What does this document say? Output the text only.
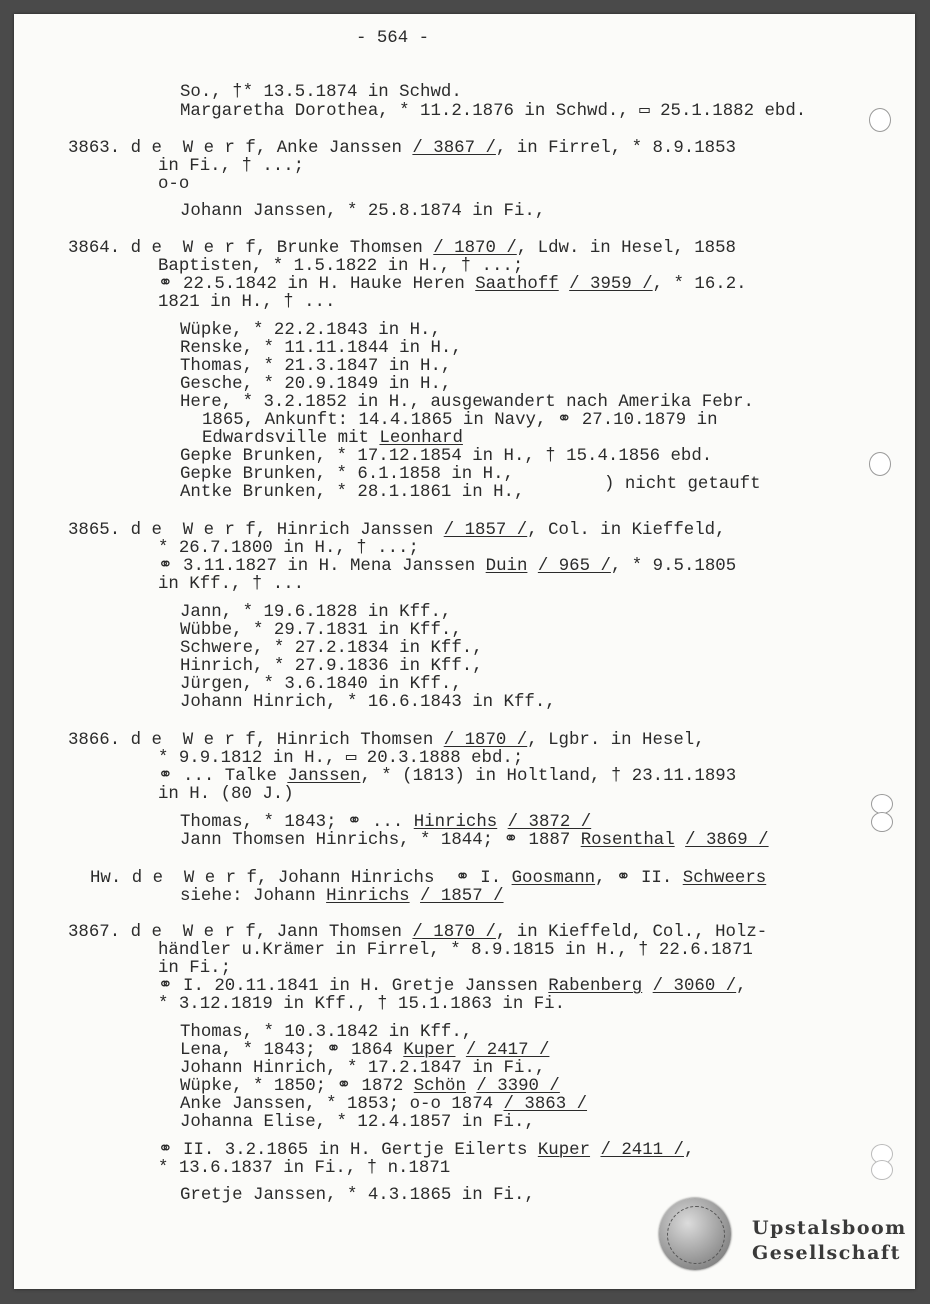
- 564 -
So., †* 13.5.1874 in Schwd.
Margaretha Dorothea, * 11.2.1876 in Schwd., ▭ 25.1.1882 ebd.
3863. d e  W e r f, Anke Janssen / 3867 /, in Firrel, * 8.9.1853
in Fi., † ...;
o-o
Johann Janssen, * 25.8.1874 in Fi.,
3864. d e  W e r f, Brunke Thomsen / 1870 /, Ldw. in Hesel, 1858
Baptisten, * 1.5.1822 in H., † ...;
⚭ 22.5.1842 in H. Hauke Heren Saathoff / 3959 /, * 16.2.
1821 in H., † ...
Wüpke, * 22.2.1843 in H.,
Renske, * 11.11.1844 in H.,
Thomas, * 21.3.1847 in H.,
Gesche, * 20.9.1849 in H.,
Here, * 3.2.1852 in H., ausgewandert nach Amerika Febr.
1865, Ankunft: 14.4.1865 in Navy, ⚭ 27.10.1879 in
Edwardsville mit Leonhard
Gepke Brunken, * 17.12.1854 in H., † 15.4.1856 ebd.
Gepke Brunken, * 6.1.1858 in H.,
) nicht getauft
Antke Brunken, * 28.1.1861 in H.,
3865. d e  W e r f, Hinrich Janssen / 1857 /, Col. in Kieffeld,
* 26.7.1800 in H., † ...;
⚭ 3.11.1827 in H. Mena Janssen Duin / 965 /, * 9.5.1805
in Kff., † ...
Jann, * 19.6.1828 in Kff.,
Wübbe, * 29.7.1831 in Kff.,
Schwere, * 27.2.1834 in Kff.,
Hinrich, * 27.9.1836 in Kff.,
Jürgen, * 3.6.1840 in Kff.,
Johann Hinrich, * 16.6.1843 in Kff.,
3866. d e  W e r f, Hinrich Thomsen / 1870 /, Lgbr. in Hesel,
* 9.9.1812 in H., ▭ 20.3.1888 ebd.;
⚭ ... Talke Janssen, * (1813) in Holtland, † 23.11.1893
in H. (80 J.)
Thomas, * 1843; ⚭ ... Hinrichs / 3872 /
Jann Thomsen Hinrichs, * 1844; ⚭ 1887 Rosenthal / 3869 /
Hw. d e  W e r f, Johann Hinrichs  ⚭ I. Goosmann, ⚭ II. Schweers
siehe: Johann Hinrichs / 1857 /
3867. d e  W e r f, Jann Thomsen / 1870 /, in Kieffeld, Col., Holz-
händler u.Krämer in Firrel, * 8.9.1815 in H., † 22.6.1871
in Fi.;
⚭ I. 20.11.1841 in H. Gretje Janssen Rabenberg / 3060 /,
* 3.12.1819 in Kff., † 15.1.1863 in Fi.
Thomas, * 10.3.1842 in Kff.,
Lena, * 1843; ⚭ 1864 Kuper / 2417 /
Johann Hinrich, * 17.2.1847 in Fi.,
Wüpke, * 1850; ⚭ 1872 Schön / 3390 /
Anke Janssen, * 1853; o-o 1874 / 3863 /
Johanna Elise, * 12.4.1857 in Fi.,
⚭ II. 3.2.1865 in H. Gertje Eilerts Kuper / 2411 /,
* 13.6.1837 in Fi., † n.1871
Gretje Janssen, * 4.3.1865 in Fi.,
Upstalsboom
Gesellschaft
